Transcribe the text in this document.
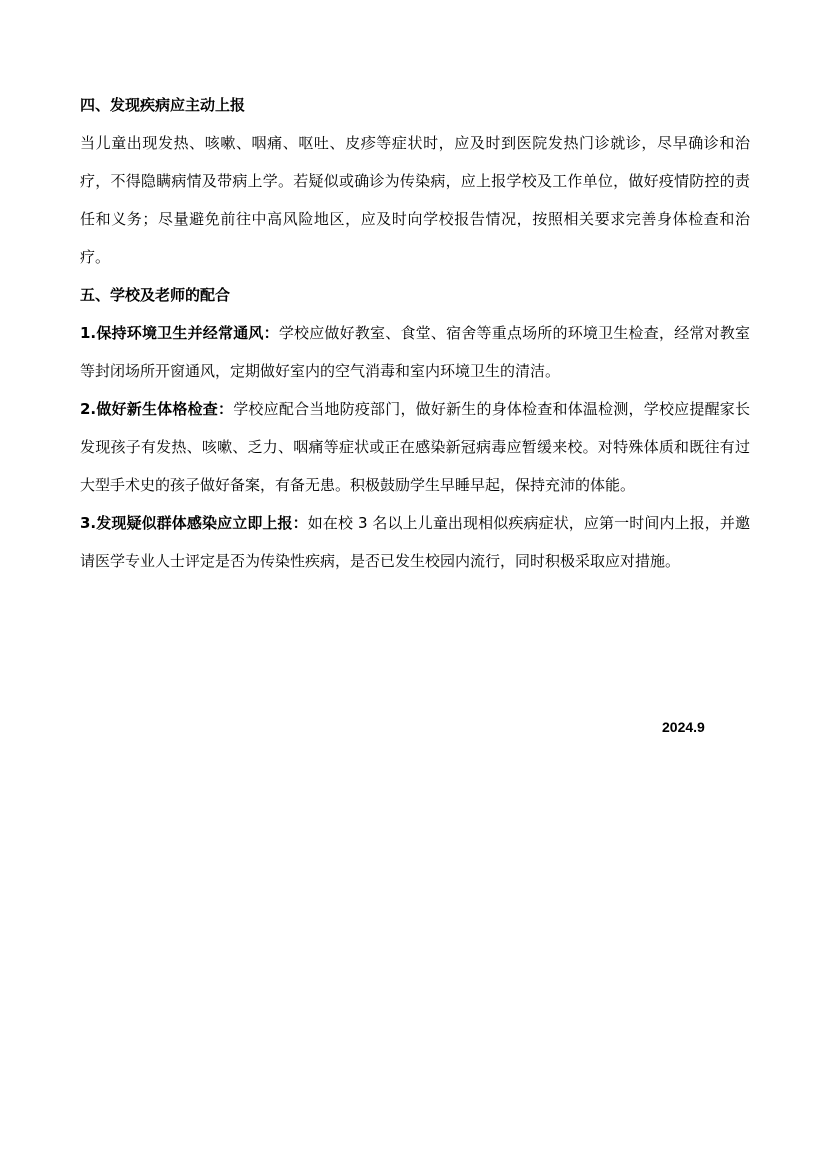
四、发现疾病应主动上报

当儿童出现发热、咳嗽、咽痛、呕吐、皮疹等症状时，应及时到医院发热门诊就诊，尽早确诊和治疗，不得隐瞒病情及带病上学。若疑似或确诊为传染病，应上报学校及工作单位，做好疫情防控的责任和义务；尽量避免前往中高风险地区，应及时向学校报告情况，按照相关要求完善身体检查和治疗。

五、学校及老师的配合

1.保持环境卫生并经常通风：学校应做好教室、食堂、宿舍等重点场所的环境卫生检查，经常对教室等封闭场所开窗通风，定期做好室内的空气消毒和室内环境卫生的清洁。

2.做好新生体格检查：学校应配合当地防疫部门，做好新生的身体检查和体温检测，学校应提醒家长发现孩子有发热、咳嗽、乏力、咽痛等症状或正在感染新冠病毒应暂缓来校。对特殊体质和既往有过大型手术史的孩子做好备案，有备无患。积极鼓励学生早睡早起，保持充沛的体能。

3.发现疑似群体感染应立即上报：如在校 3 名以上儿童出现相似疾病症状，应第一时间内上报，并邀请医学专业人士评定是否为传染性疾病，是否已发生校园内流行，同时积极采取应对措施。

2024.9
